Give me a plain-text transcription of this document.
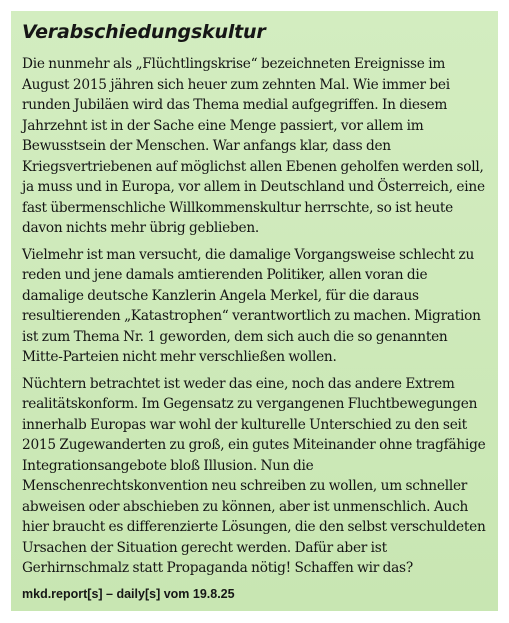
Verabschiedungskultur

Die nunmehr als „Flüchtlingskrise“ bezeichneten Ereignisse im August 2015 jähren sich heuer zum zehnten Mal. Wie immer bei runden Jubiläen wird das Thema medial aufgegriffen. In diesem Jahrzehnt ist in der Sache eine Menge passiert, vor allem im Bewusstsein der Menschen. War anfangs klar, dass den Kriegsvertriebenen auf möglichst allen Ebenen geholfen werden soll, ja muss und in Europa, vor allem in Deutschland und Österreich, eine fast übermenschliche Willkommenskultur herrschte, so ist heute davon nichts mehr übrig geblieben.

Vielmehr ist man versucht, die damalige Vorgangsweise schlecht zu reden und jene damals amtierenden Politiker, allen voran die damalige deutsche Kanzlerin Angela Merkel, für die daraus resultierenden „Katastrophen“ verantwortlich zu machen. Migration ist zum Thema Nr. 1 geworden, dem sich auch die so genannten Mitte-Parteien nicht mehr verschließen wollen.

Nüchtern betrachtet ist weder das eine, noch das andere Extrem realitätskonform. Im Gegensatz zu vergangenen Fluchtbewegungen innerhalb Europas war wohl der kulturelle Unterschied zu den seit 2015 Zugewanderten zu groß, ein gutes Miteinander ohne tragfähige Integrationsangebote bloß Illusion. Nun die Menschenrechtskonvention neu schreiben zu wollen, um schneller abweisen oder abschieben zu können, aber ist unmenschlich. Auch hier braucht es differenzierte Lösungen, die den selbst verschuldeten Ursachen der Situation gerecht werden. Dafür aber ist Gerhirnschmalz statt Propaganda nötig! Schaffen wir das?

mkd.report[s] – daily[s] vom 19.8.25
